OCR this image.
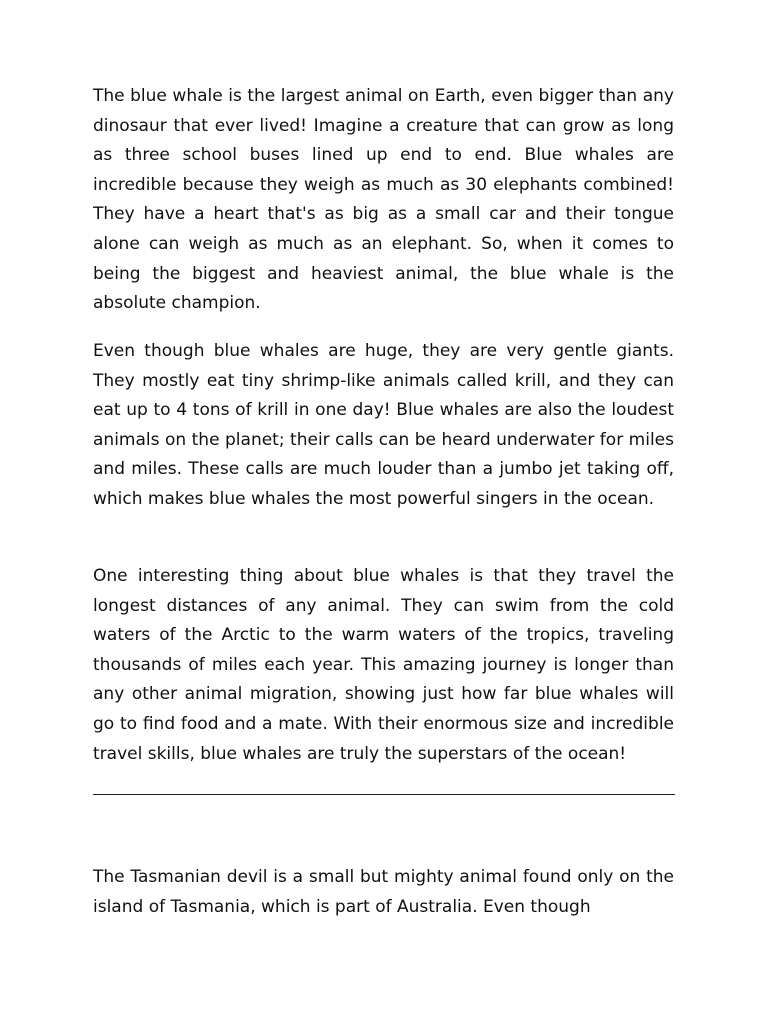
The blue whale is the largest animal on Earth, even bigger than any dinosaur that ever lived! Imagine a creature that can grow as long as three school buses lined up end to end. Blue whales are incredible because they weigh as much as 30 elephants combined! They have a heart that's as big as a small car and their tongue alone can weigh as much as an elephant. So, when it comes to being the biggest and heaviest animal, the blue whale is the absolute champion.

Even though blue whales are huge, they are very gentle giants. They mostly eat tiny shrimp-like animals called krill, and they can eat up to 4 tons of krill in one day! Blue whales are also the loudest animals on the planet; their calls can be heard underwater for miles and miles. These calls are much louder than a jumbo jet taking off, which makes blue whales the most powerful singers in the ocean.

One interesting thing about blue whales is that they travel the longest distances of any animal. They can swim from the cold waters of the Arctic to the warm waters of the tropics, traveling thousands of miles each year. This amazing journey is longer than any other animal migration, showing just how far blue whales will go to find food and a mate. With their enormous size and incredible travel skills, blue whales are truly the superstars of the ocean!

The Tasmanian devil is a small but mighty animal found only on the island of Tasmania, which is part of Australia. Even though
